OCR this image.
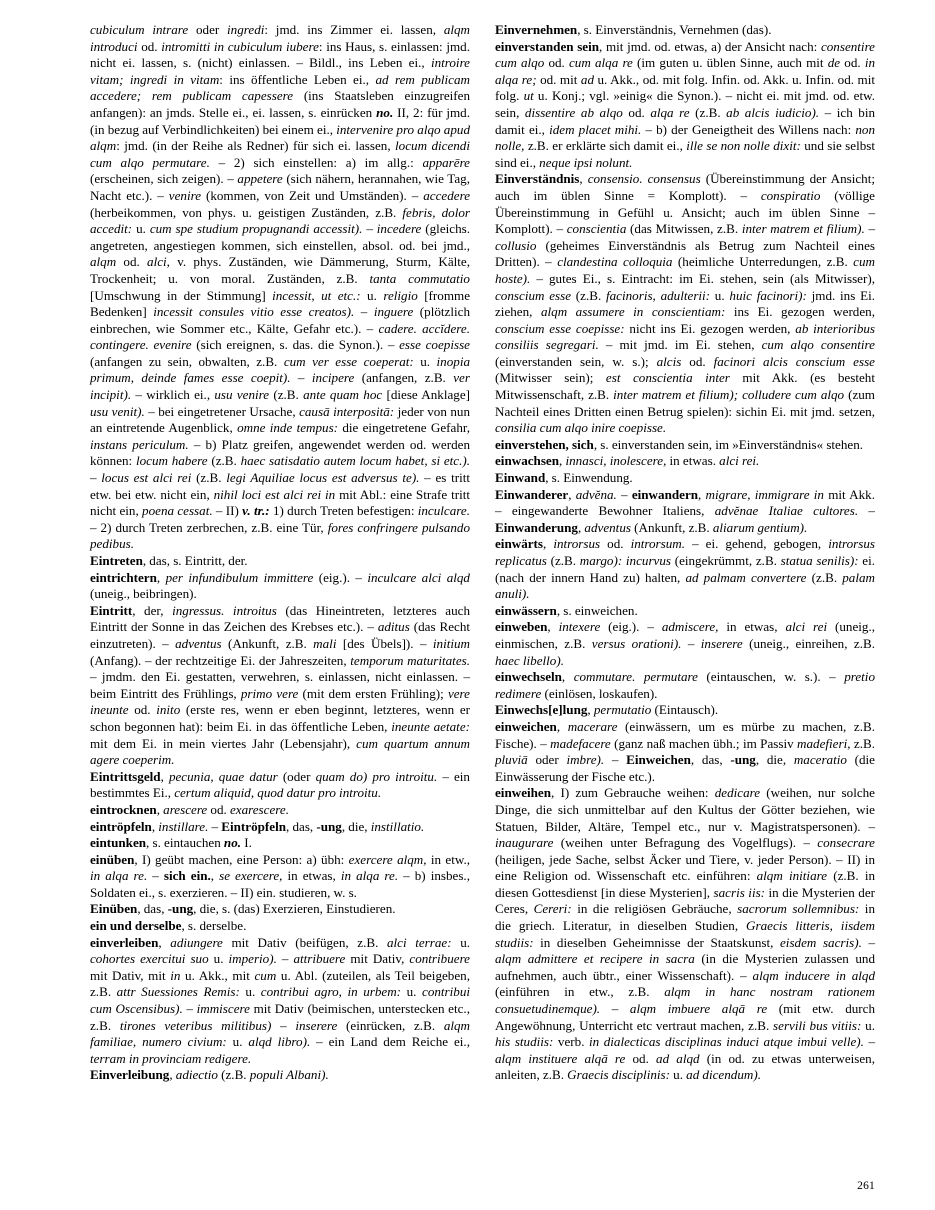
cubiculum intrare oder ingredi: jmd. ins Zimmer ei. lassen, alqm introduci od. intromitti in cubiculum iubere: ins Haus, s. einlassen: jmd. nicht ei. lassen, s. (nicht) einlassen. – Bildl., ins Leben ei., introire vitam; ingredi in vitam: ins öffentliche Leben ei., ad rem publicam accedere; rem publicam capessere (ins Staatsleben einzugreifen anfangen): an jmds. Stelle ei., ei. lassen, s. einrücken no. II, 2: für jmd. (in bezug auf Verbindlichkeiten) bei einem ei., intervenire pro alqo apud alqm: jmd. (in der Reihe als Redner) für sich ei. lassen, locum dicendi cum alqo permutare. – 2) sich einstellen: a) im allg.: apparēre (erscheinen, sich zeigen). – appetere (sich nähern, herannahen, wie Tag, Nacht etc.). – venire (kommen, von Zeit und Umständen). – accedere (herbeikommen, von phys. u. geistigen Zuständen, z.B. febris, dolor accedit: u. cum spe studium propugnandi accessit). – incedere (gleichs. angetreten, angestiegen kommen, sich einstellen, absol. od. bei jmd., alqm od. alci, v. phys. Zuständen, wie Dämmerung, Sturm, Kälte, Trockenheit; u. von moral. Zuständen, z.B. tanta commutatio [Umschwung in der Stimmung] incessit, ut etc.: u. religio [fromme Bedenken] incessit consules vitio esse creatos). – inguere (plötzlich einbrechen, wie Sommer etc., Kälte, Gefahr etc.). – cadere. accĭdere. contingere. evenire (sich ereignen, s. das. die Synon.). – esse coepisse (anfangen zu sein, obwalten, z.B. cum ver esse coeperat: u. inopia primum, deinde fames esse coepit). – incipere (anfangen, z.B. ver incipit). – wirklich ei., usu venire (z.B. ante quam hoc [diese Anklage] usu venit). – bei eingetretener Ursache, causā interpositā: jeder von nun an eintretende Augenblick, omne inde tempus: die eingetretene Gefahr, instans periculum. – b) Platz greifen, angewendet werden od. werden können: locum habere (z.B. haec satisdatio autem locum habet, si etc.). – locus est alci rei (z.B. legi Aquiliae locus est adversus te). – es tritt etw. bei etw. nicht ein, nihil loci est alci rei in mit Abl.: eine Strafe tritt nicht ein, poena cessat. – II) v. tr.: 1) durch Treten befestigen: inculcare. – 2) durch Treten zerbrechen, z.B. eine Tür, fores confringere pulsando pedibus.

Eintreten, das, s. Eintritt, der.

eintrichtern, per infundibulum immittere (eig.). – inculcare alci alqd (uneig., beibringen).

Eintritt, der, ingressus. introitus (das Hineintreten, letzteres auch Eintritt der Sonne in das Zeichen des Krebses etc.). – aditus (das Recht einzutreten). – adventus (Ankunft, z.B. mali [des Übels]). – initium (Anfang). – der rechtzeitige Ei. der Jahreszeiten, temporum maturitates. – jmdm. den Ei. gestatten, verwehren, s. einlassen, nicht einlassen. – beim Eintritt des Frühlings, primo vere (mit dem ersten Frühling); vere ineunte od. inito (erste res, wenn er eben beginnt, letzteres, wenn er schon begonnen hat): beim Ei. in das öffentliche Leben, ineunte aetate: mit dem Ei. in mein viertes Jahr (Lebensjahr), cum quartum annum agere coeperim.

Eintrittsgeld, pecunia, quae datur (oder quam do) pro introitu. – ein bestimmtes Ei., certum aliquid, quod datur pro introitu.

eintrocknen, arescere od. exarescere.

eintröpfeln, instillare. – Eintröpfeln, das, -ung, die, instillatio.

eintunken, s. eintauchen no. I.

einüben, I) geübt machen, eine Person: a) übh: exercere alqm, in etw., in alqa re. – sich ein., se exercere, in etwas, in alqa re. – b) insbes., Soldaten ei., s. exerzieren. – II) ein. studieren, w. s.

Einüben, das, -ung, die, s. (das) Exerzieren, Einstudieren.

ein und derselbe, s. derselbe.

einverleiben, adiungere mit Dativ (beifügen, z.B. alci terrae: u. cohortes exercitui suo u. imperio). – attribuere mit Dativ, contribuere mit Dativ, mit in u. Akk., mit cum u. Abl. (zuteilen, als Teil beigeben, z.B. attr Suessiones Remis: u. contribui agro, in urbem: u. contribui cum Oscensibus). – immiscere mit Dativ (beimischen, unterstecken etc., z.B. tirones veteribus militibus) – inserere (einrücken, z.B. alqm familiae, numero civium: u. alqd libro). – ein Land dem Reiche ei., terram in provinciam redigere.

Einverleibung, adiectio (z.B. populi Albani).

Einvernehmen, s. Einverständnis, Vernehmen (das).

einverstanden sein, mit jmd. od. etwas, a) der Ansicht nach: consentire cum alqo od. cum alqa re (im guten u. üblen Sinne, auch mit de od. in alqa re; od. mit ad u. Akk., od. mit folg. Infin. od. Akk. u. Infin. od. mit folg. ut u. Konj.; vgl. »einig« die Synon.). – nicht ei. mit jmd. od. etw. sein, dissentire ab alqo od. alqa re (z.B. ab alcis iudicio). – ich bin damit ei., idem placet mihi. – b) der Geneigtheit des Willens nach: non nolle, z.B. er erklärte sich damit ei., ille se non nolle dixit: und sie selbst sind ei., neque ipsi nolunt.

Einverständnis, consensio. consensus (Übereinstimmung der Ansicht; auch im üblen Sinne = Komplott). – conspiratio (völlige Übereinstimmung in Gefühl u. Ansicht; auch im üblen Sinne – Komplott). – conscientia (das Mitwissen, z.B. inter matrem et filium). – collusio (geheimes Einverständnis als Betrug zum Nachteil eines Dritten). – clandestina colloquia (heimliche Unterredungen, z.B. cum hoste). – gutes Ei., s. Eintracht: im Ei. stehen, sein (als Mitwisser), conscium esse (z.B. facinoris, adulterii: u. huic facinori): jmd. ins Ei. ziehen, alqm assumere in conscientiam: ins Ei. gezogen werden, conscium esse coepisse: nicht ins Ei. gezogen werden, ab interioribus consiliis segregari. – mit jmd. im Ei. stehen, cum alqo consentire (einverstanden sein, w. s.); alcis od. facinori alcis conscium esse (Mitwisser sein); est conscientia inter mit Akk. (es besteht Mitwissenschaft, z.B. inter matrem et filium); colludere cum alqo (zum Nachteil eines Dritten einen Betrug spielen): sichin Ei. mit jmd. setzen, consilia cum alqo inire coepisse.

einverstehen, sich, s. einverstanden sein, im »Einverständnis« stehen.

einwachsen, innasci, inolescere, in etwas. alci rei.

Einwand, s. Einwendung.

Einwanderer, advĕna. – einwandern, migrare, immigrare in mit Akk. – eingewanderte Bewohner Italiens, advĕnae Italiae cultores. – Einwanderung, adventus (Ankunft, z.B. aliarum gentium).

einwärts, introrsus od. introrsum. – ei. gehend, gebogen, introrsus replicatus (z.B. margo): incurvus (eingekrümmt, z.B. statua senilis): ei. (nach der innern Hand zu) halten, ad palmam convertere (z.B. palam anuli).

einwässern, s. einweichen.

einweben, intexere (eig.). – admiscere, in etwas, alci rei (uneig., einmischen, z.B. versus orationi). – inserere (uneig., einreihen, z.B. haec libello).

einwechseln, commutare. permutare (eintauschen, w. s.). – pretio redimere (einlösen, loskaufen).

Einwechs[e]lung, permutatio (Eintausch).

einweichen, macerare (einwässern, um es mürbe zu machen, z.B. Fische). – madefacere (ganz naß machen übh.; im Passiv madefieri, z.B. pluviā oder imbre). – Einweichen, das, -ung, die, maceratio (die Einwässerung der Fische etc.).

einweihen, I) zum Gebrauche weihen: dedicare (weihen, nur solche Dinge, die sich unmittelbar auf den Kultus der Götter beziehen, wie Statuen, Bilder, Altäre, Tempel etc., nur v. Magistratspersonen). – inaugurare (weihen unter Befragung des Vogelflugs). – consecrare (heiligen, jede Sache, selbst Äcker und Tiere, v. jeder Person). – II) in eine Religion od. Wissenschaft etc. einführen: alqm initiare (z.B. in diesen Gottesdienst [in diese Mysterien], sacris iis: in die Mysterien der Ceres, Cereri: in die religiösen Gebräuche, sacrorum sollemnibus: in die griech. Literatur, in dieselben Studien, Graecis litteris, iisdem studiis: in dieselben Geheimnisse der Staatskunst, eisdem sacris). – alqm admittere et recipere in sacra (in die Mysterien zulassen und aufnehmen, auch übtr., einer Wissenschaft). – alqm inducere in alqd (einführen in etw., z.B. alqm in hanc nostram rationem consuetudinemque). – alqm imbuere alqā re (mit etw. durch Angewöhnung, Unterricht etc vertraut machen, z.B. servili bus vitiis: u. his studiis: verb. in dialecticas disciplinas induci atque imbui velle). – alqm instituere alqā re od. ad alqd (in od. zu etwas unterweisen, anleiten, z.B. Graecis disciplinis: u. ad dicendum).

261
